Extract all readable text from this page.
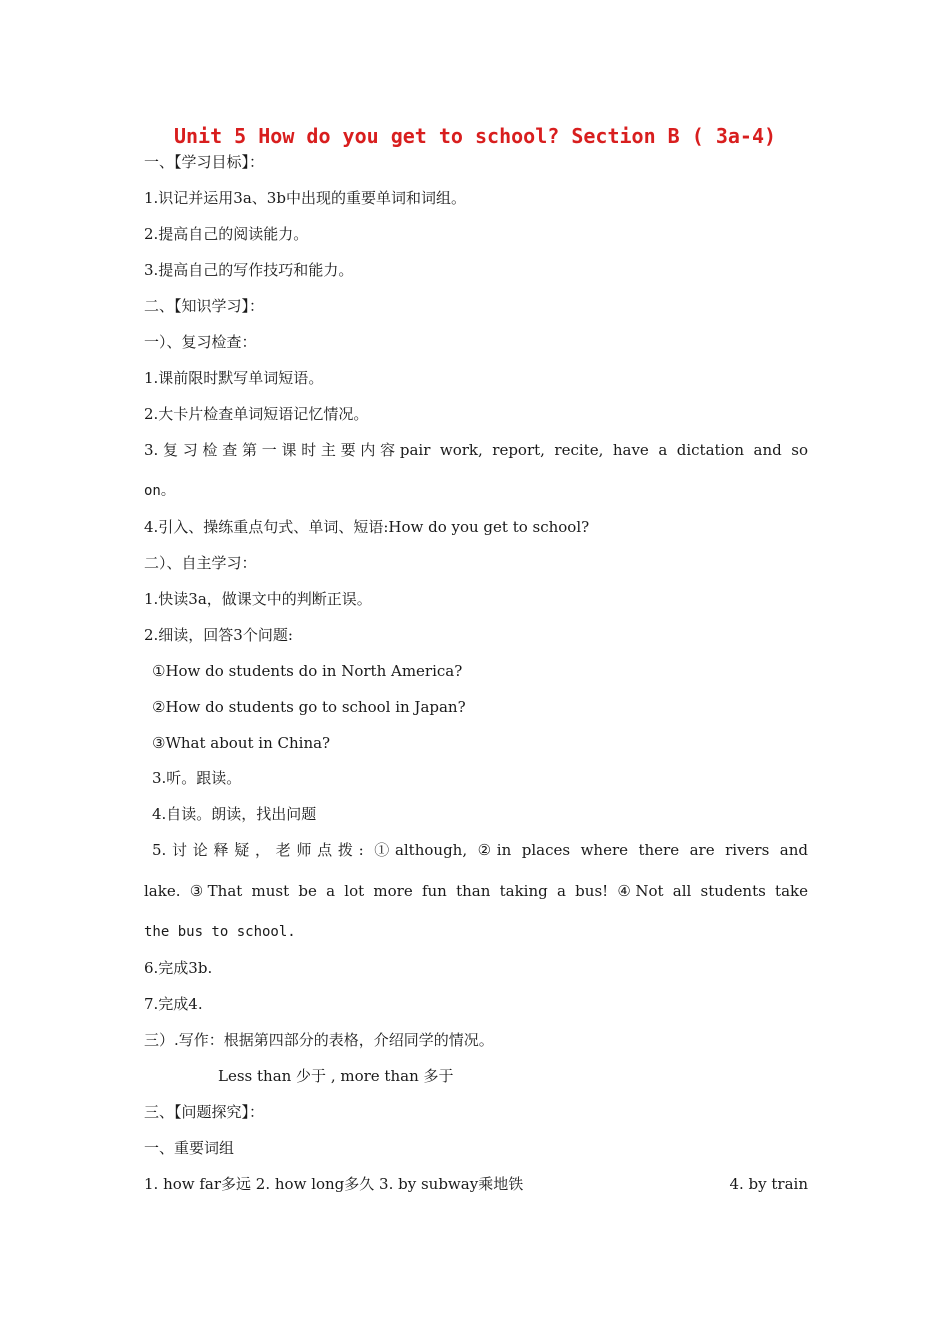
Unit 5 How do you get to school? Section B ( 3a-4)
一、【学习目标】：
1.识记并运用3a、3b中出现的重要单词和词组。
2.提高自己的阅读能力。
3.提高自己的写作技巧和能力。
二、【知识学习】：
一）、复习检查：
1.课前限时默写单词短语。
2.大卡片检查单词短语记忆情况。
3.复习检查第一课时主要内容pair work, report, recite, have a dictation and so
on。
4.引入、操练重点句式、单词、短语:How do you get to school?
二）、自主学习：
1.快读3a，做课文中的判断正误。
2.细读，回答3个问题:
①How do students do in North America?
②How do students go to school in Japan?
③What about in China?
3.听。跟读。
4.自读。朗读，找出问题
5.讨论释疑，老师点拨: ①although, ②in places where there are rivers and
lake. ③That must be a lot more fun than taking a bus! ④Not all students take
the bus to school.
6.完成3b.
7.完成4.
三）.写作：根据第四部分的表格，介绍同学的情况。
Less than 少于 , more than 多于
三、【问题探究】：
一、重要词组
1. how far多远 2. how long多久 3. by subway乘地铁	4. by train
